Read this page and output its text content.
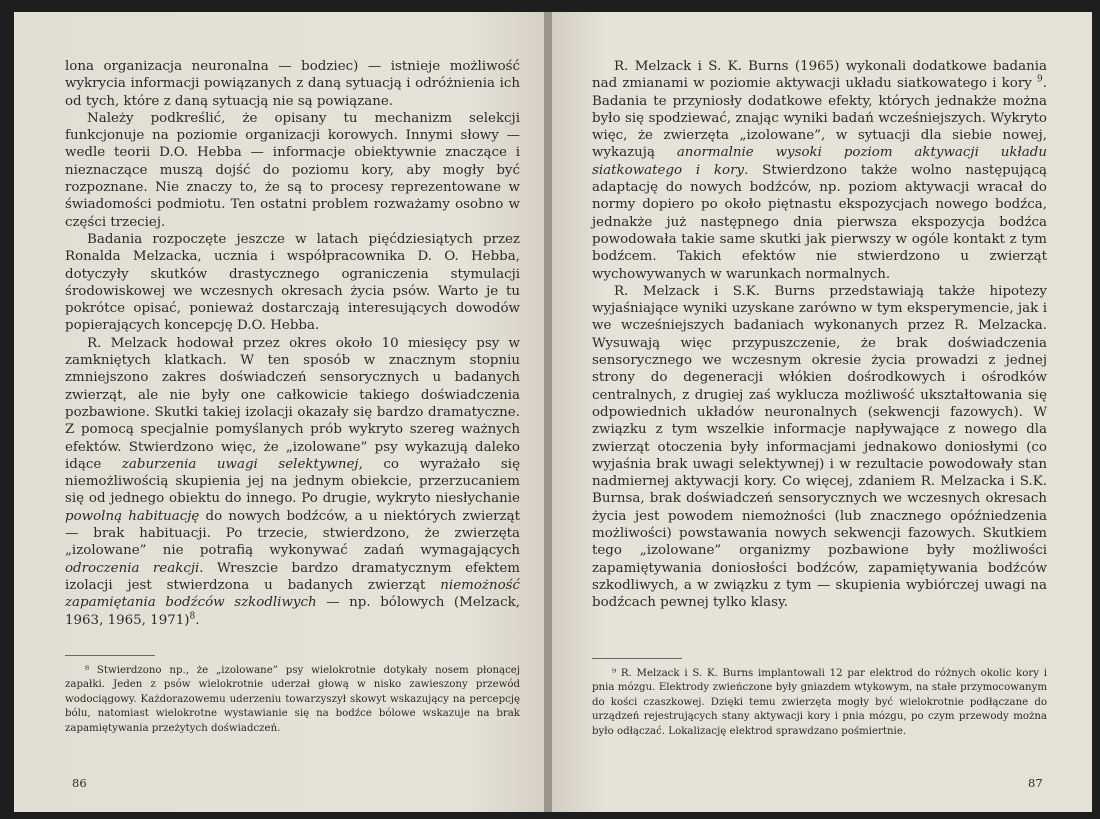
lona organizacja neuronalna — bodziec) — istnieje możliwość wykrycia informacji powiązanych z daną sytuacją i odróżnienia ich od tych, które z daną sytuacją nie są powiązane.

Należy podkreślić, że opisany tu mechanizm selekcji funkcjonuje na poziomie organizacji korowych. Innymi słowy — wedle teorii D.O. Hebba — informacje obiektywnie znaczące i nieznaczące muszą dojść do poziomu kory, aby mogły być rozpoznane. Nie znaczy to, że są to procesy reprezentowane w świadomości podmiotu. Ten ostatni problem rozważamy osobno w części trzeciej.

Badania rozpoczęte jeszcze w latach pięćdziesiątych przez Ronalda Melzacka, ucznia i współpracownika D. O. Hebba, dotyczyły skutków drastycznego ograniczenia stymulacji środowiskowej we wczesnych okresach życia psów. Warto je tu pokrótce opisać, ponieważ dostarczają interesujących dowodów popierających koncepcję D.O. Hebba.

R. Melzack hodował przez okres około 10 miesięcy psy w zamkniętych klatkach. W ten sposób w znacznym stopniu zmniejszono zakres doświadczeń sensorycznych u badanych zwierząt, ale nie były one całkowicie takiego doświadczenia pozbawione. Skutki takiej izolacji okazały się bardzo dramatyczne. Z pomocą specjalnie pomyślanych prób wykryto szereg ważnych efektów. Stwierdzono więc, że „izolowane” psy wykazują daleko idące zaburzenia uwagi selektywnej, co wyrażało się niemożliwością skupienia jej na jednym obiekcie, przerzucaniem się od jednego obiektu do innego. Po drugie, wykryto niesłychanie powolną habituację do nowych bodźców, a u niektórych zwierząt — brak habituacji. Po trzecie, stwierdzono, że zwierzęta „izolowane” nie potrafią wykonywać zadań wymagających odroczenia reakcji. Wreszcie bardzo dramatycznym efektem izolacji jest stwierdzona u badanych zwierząt niemożność zapamiętania bodźców szkodliwych — np. bólowych (Melzack, 1963, 1965, 1971)$^8$.

⁸ Stwierdzono np., że „izolowane” psy wielokrotnie dotykały nosem płonącej zapałki. Jeden z psów wielokrotnie uderzał głową w nisko zawieszony przewód wodociągowy. Każdorazowemu uderzeniu towarzyszył skowyt wskazujący na percepcję bólu, natomiast wielokrotne wystawianie się na bodźce bólowe wskazuje na brak zapamiętywania przeżytych doświadczeń.

86

R. Melzack i S. K. Burns (1965) wykonali dodatkowe badania nad zmianami w poziomie aktywacji układu siatkowatego i kory $^9$. Badania te przyniosły dodatkowe efekty, których jednakże można było się spodziewać, znając wyniki badań wcześniejszych. Wykryto więc, że zwierzęta „izolowane”, w sytuacji dla siebie nowej, wykazują anormalnie wysoki poziom aktywacji układu siatkowatego i kory. Stwierdzono także wolno następującą adaptację do nowych bodźców, np. poziom aktywacji wracał do normy dopiero po około piętnastu ekspozycjach nowego bodźca, jednakże już następnego dnia pierwsza ekspozycja bodźca powodowała takie same skutki jak pierwszy w ogóle kontakt z tym bodźcem. Takich efektów nie stwierdzono u zwierząt wychowywanych w warunkach normalnych.

R. Melzack i S.K. Burns przedstawiają także hipotezy wyjaśniające wyniki uzyskane zarówno w tym eksperymencie, jak i we wcześniejszych badaniach wykonanych przez R. Melzacka. Wysuwają więc przypuszczenie, że brak doświadczenia sensorycznego we wczesnym okresie życia prowadzi z jednej strony do degeneracji włókien dośrodkowych i ośrodków centralnych, z drugiej zaś wyklucza możliwość ukształtowania się odpowiednich układów neuronalnych (sekwencji fazowych). W związku z tym wszelkie informacje napływające z nowego dla zwierząt otoczenia były informacjami jednakowo doniosłymi (co wyjaśnia brak uwagi selektywnej) i w rezultacie powodowały stan nadmiernej aktywacji kory. Co więcej, zdaniem R. Melzacka i S.K. Burnsa, brak doświadczeń sensorycznych we wczesnych okresach życia jest powodem niemożności (lub znacznego opóźniedzenia możliwości) powstawania nowych sekwencji fazowych. Skutkiem tego „izolowane” organizmy pozbawione były możliwości zapamiętywania doniosłości bodźców, zapamiętywania bodźców szkodliwych, a w związku z tym — skupienia wybiórczej uwagi na bodźcach pewnej tylko klasy.

⁹ R. Melzack i S. K. Burns implantowali 12 par elektrod do różnych okolic kory i pnia mózgu. Elektrody zwieńczone były gniazdem wtykowym, na stałe przymocowanym do kości czaszkowej. Dzięki temu zwierzęta mogły być wielokrotnie podłączane do urządzeń rejestrujących stany aktywacji kory i pnia mózgu, po czym przewody można było odłączać. Lokalizację elektrod sprawdzano pośmiertnie.

87
